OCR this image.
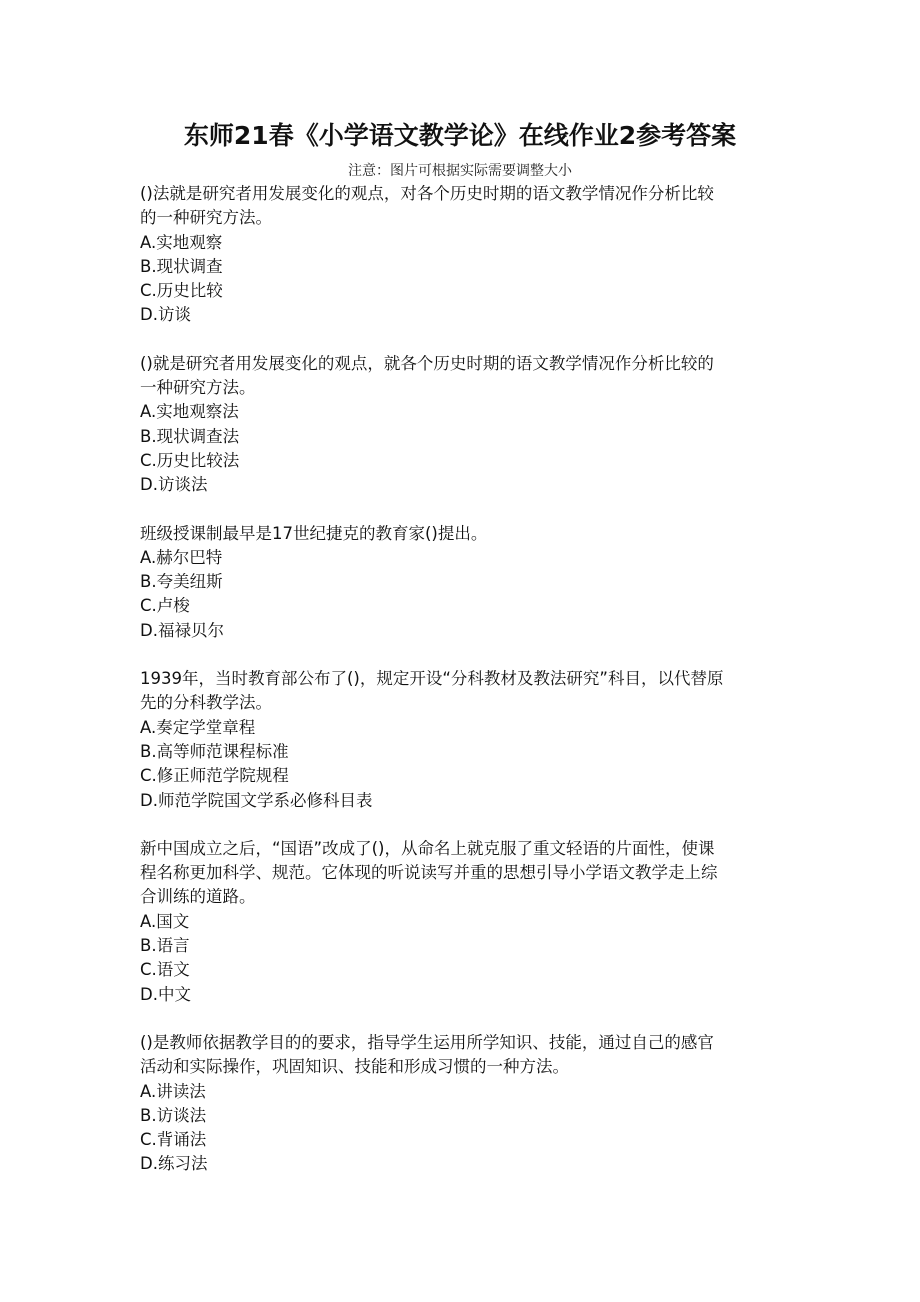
东师21春《小学语文教学论》在线作业2参考答案
注意：图片可根据实际需要调整大小
()法就是研究者用发展变化的观点，对各个历史时期的语文教学情况作分析比较
的一种研究方法。
A.实地观察
B.现状调查
C.历史比较
D.访谈
()就是研究者用发展变化的观点，就各个历史时期的语文教学情况作分析比较的
一种研究方法。
A.实地观察法
B.现状调查法
C.历史比较法
D.访谈法
班级授课制最早是17世纪捷克的教育家()提出。
A.赫尔巴特
B.夸美纽斯
C.卢梭
D.福禄贝尔
1939年，当时教育部公布了()，规定开设“分科教材及教法研究”科目，以代替原
先的分科教学法。
A.奏定学堂章程
B.高等师范课程标准
C.修正师范学院规程
D.师范学院国文学系必修科目表
新中国成立之后，“国语”改成了()，从命名上就克服了重文轻语的片面性，使课
程名称更加科学、规范。它体现的听说读写并重的思想引导小学语文教学走上综
合训练的道路。
A.国文
B.语言
C.语文
D.中文
()是教师依据教学目的的要求，指导学生运用所学知识、技能，通过自己的感官
活动和实际操作，巩固知识、技能和形成习惯的一种方法。
A.讲读法
B.访谈法
C.背诵法
D.练习法
